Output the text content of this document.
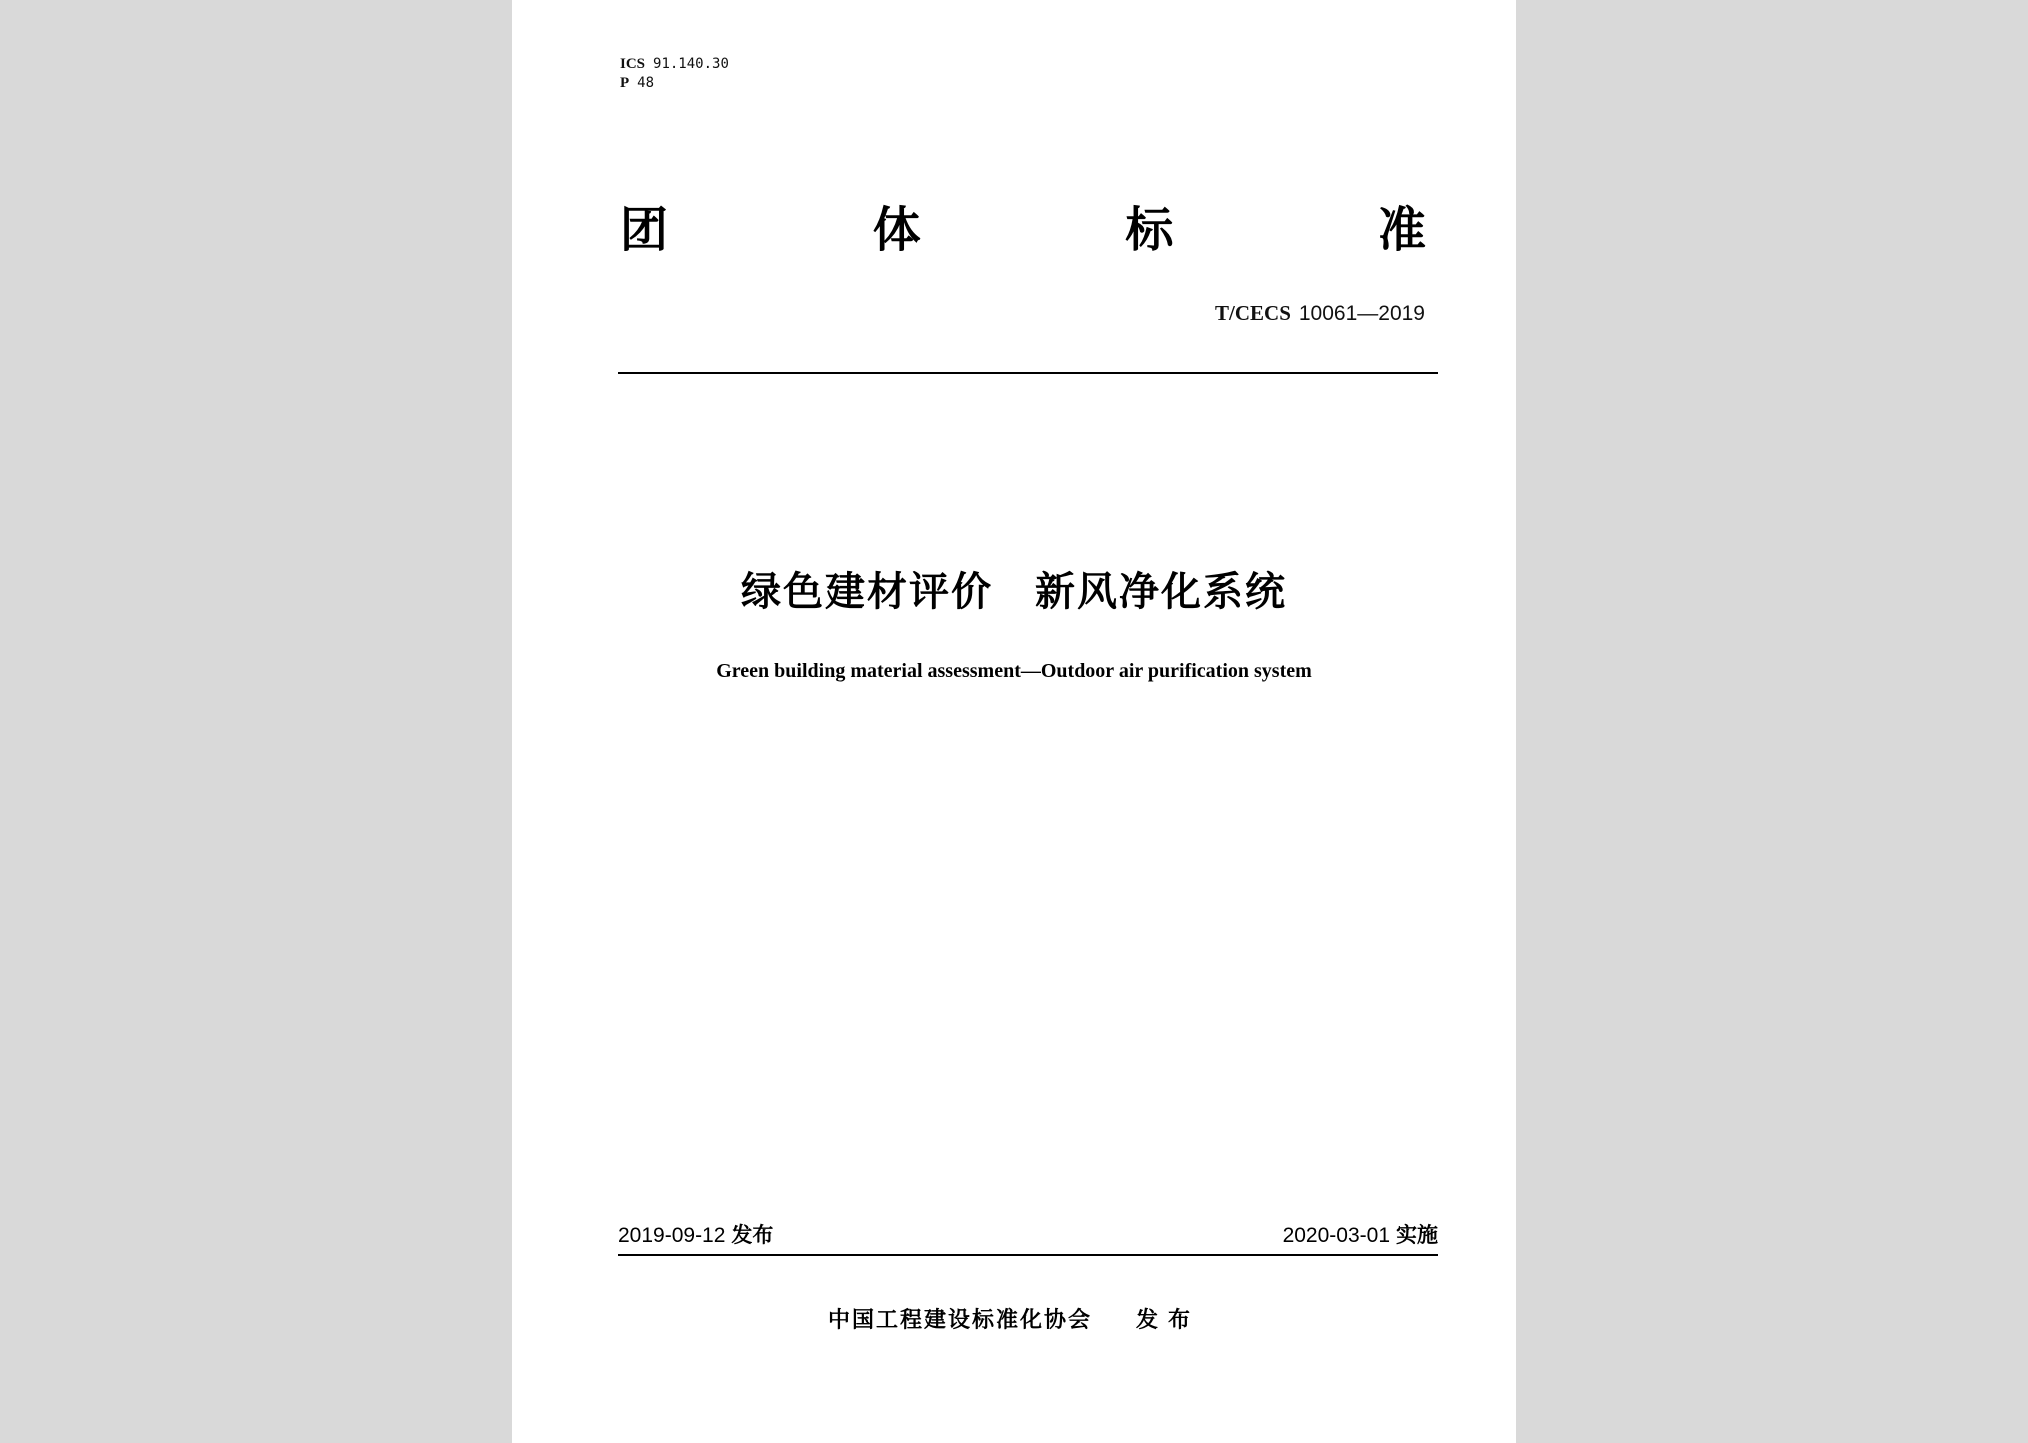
ICS 91.140.30
P 48
团	体	标	准
T/CECS 10061—2019
绿色建材评价　新风净化系统
Green building material assessment—Outdoor air purification system
2019-09-12 发布	2020-03-01 实施
中国工程建设标准化协会 发布
